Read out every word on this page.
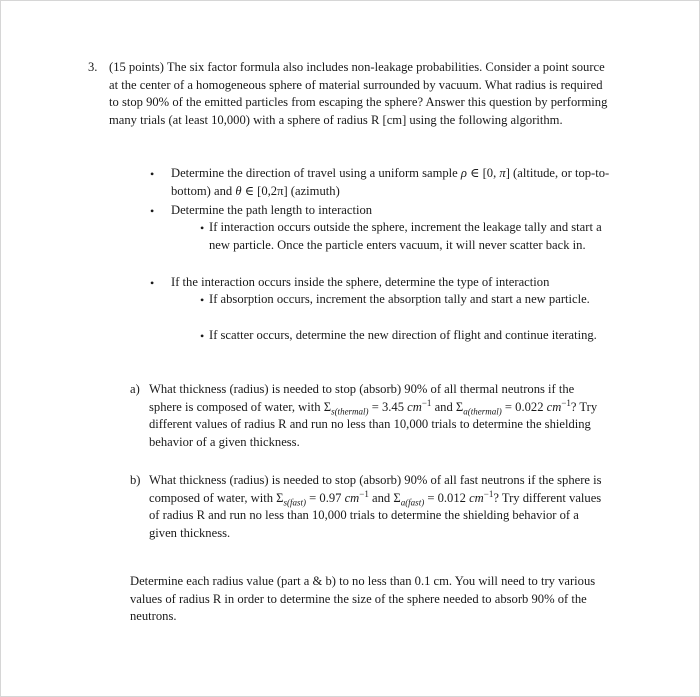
3. (15 points) The six factor formula also includes non-leakage probabilities. Consider a point source at the center of a homogeneous sphere of material surrounded by vacuum. What radius is required to stop 90% of the emitted particles from escaping the sphere? Answer this question by performing many trials (at least 10,000) with a sphere of radius R [cm] using the following algorithm.
• Determine the direction of travel using a uniform sample ρ ∈ [0, π] (altitude, or top-to-bottom) and θ ∈ [0,2π] (azimuth)
• Determine the path length to interaction
• If interaction occurs outside the sphere, increment the leakage tally and start a new particle. Once the particle enters vacuum, it will never scatter back in.
• If the interaction occurs inside the sphere, determine the type of interaction
• If absorption occurs, increment the absorption tally and start a new particle.
• If scatter occurs, determine the new direction of flight and continue iterating.
a) What thickness (radius) is needed to stop (absorb) 90% of all thermal neutrons if the sphere is composed of water, with $\Sigma_{s(thermal)} = 3.45$ $cm^{-1}$ and $\Sigma_{a(thermal)} = 0.022$ $cm^{-1}$? Try different values of radius R and run no less than 10,000 trials to determine the shielding behavior of a given thickness.
b) What thickness (radius) is needed to stop (absorb) 90% of all fast neutrons if the sphere is composed of water, with $\Sigma_{s(fast)} = 0.97$ $cm^{-1}$ and $\Sigma_{a(fast)} = 0.012$ $cm^{-1}$? Try different values of radius R and run no less than 10,000 trials to determine the shielding behavior of a given thickness.
Determine each radius value (part a & b) to no less than 0.1 cm. You will need to try various values of radius R in order to determine the size of the sphere needed to absorb 90% of the neutrons.
